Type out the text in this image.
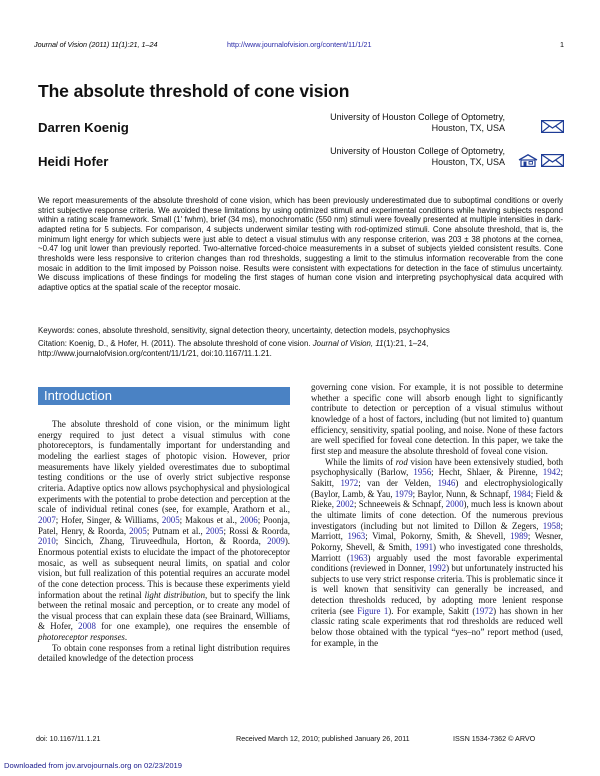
Journal of Vision (2011) 11(1):21, 1–24	http://www.journalofvision.org/content/11/1/21	1
The absolute threshold of cone vision
Darren Koenig
University of Houston College of Optometry,
Houston, TX, USA
Heidi Hofer
University of Houston College of Optometry,
Houston, TX, USA
We report measurements of the absolute threshold of cone vision, which has been previously underestimated due to suboptimal conditions or overly strict subjective response criteria. We avoided these limitations by using optimized stimuli and experimental conditions while having subjects respond within a rating scale framework. Small (1′ fwhm), brief (34 ms), monochromatic (550 nm) stimuli were foveally presented at multiple intensities in dark-adapted retina for 5 subjects. For comparison, 4 subjects underwent similar testing with rod-optimized stimuli. Cone absolute threshold, that is, the minimum light energy for which subjects were just able to detect a visual stimulus with any response criterion, was 203 ± 38 photons at the cornea, ~0.47 log unit lower than previously reported. Two-alternative forced-choice measurements in a subset of subjects yielded consistent results. Cone thresholds were less responsive to criterion changes than rod thresholds, suggesting a limit to the stimulus information recoverable from the cone mosaic in addition to the limit imposed by Poisson noise. Results were consistent with expectations for detection in the face of stimulus uncertainty. We discuss implications of these findings for modeling the first stages of human cone vision and interpreting psychophysical data acquired with adaptive optics at the spatial scale of the receptor mosaic.
Keywords: cones, absolute threshold, sensitivity, signal detection theory, uncertainty, detection models, psychophysics
Citation: Koenig, D., & Hofer, H. (2011). The absolute threshold of cone vision. Journal of Vision, 11(1):21, 1–24,
http://www.journalofvision.org/content/11/1/21, doi:10.1167/11.1.21.
Introduction

The absolute threshold of cone vision, or the minimum light energy required to just detect a visual stimulus with cone photoreceptors, is fundamentally important for understanding and modeling the earliest stages of photopic vision. However, prior measurements have likely yielded overestimates due to suboptimal testing conditions or the use of overly strict subjective response criteria. Adaptive optics now allows psychophysical and physiological experiments with the potential to probe detection and perception at the scale of individual retinal cones (see, for example, Arathorn et al., 2007; Hofer, Singer, & Williams, 2005; Makous et al., 2006; Poonja, Patel, Henry, & Roorda, 2005; Putnam et al., 2005; Rossi & Roorda, 2010; Sincich, Zhang, Tiruveedhula, Horton, & Roorda, 2009). Enormous potential exists to elucidate the impact of the photoreceptor mosaic, as well as subsequent neural limits, on spatial and color vision, but full realization of this potential requires an accurate model of the cone detection process. This is because these experiments yield information about the retinal light distribution, but to specify the link between the retinal mosaic and perception, or to create any model of the visual process that can explain these data (see Brainard, Williams, & Hofer, 2008 for one example), one requires the ensemble of photoreceptor responses.

To obtain cone responses from a retinal light distribution requires detailed knowledge of the detection process

governing cone vision. For example, it is not possible to determine whether a specific cone will absorb enough light to significantly contribute to detection or perception of a visual stimulus without knowledge of a host of factors, including (but not limited to) quantum efficiency, sensitivity, spatial pooling, and noise. None of these factors are well specified for foveal cone detection. In this paper, we take the first step and measure the absolute threshold of foveal cone vision.

While the limits of rod vision have been extensively studied, both psychophysically (Barlow, 1956; Hecht, Shlaer, & Pirenne, 1942; Sakitt, 1972; van der Velden, 1946) and electrophysiologically (Baylor, Lamb, & Yau, 1979; Baylor, Nunn, & Schnapf, 1984; Field & Rieke, 2002; Schneeweis & Schnapf, 2000), much less is known about the ultimate limits of cone detection. Of the numerous previous investigators (including but not limited to Dillon & Zegers, 1958; Marriott, 1963; Vimal, Pokorny, Smith, & Shevell, 1989; Wesner, Pokorny, Shevell, & Smith, 1991) who investigated cone thresholds, Marriott (1963) arguably used the most favorable experimental conditions (reviewed in Donner, 1992) but unfortunately instructed his subjects to use very strict response criteria. This is problematic since it is well known that sensitivity can generally be increased, and detection thresholds reduced, by adopting more lenient response criteria (see Figure 1). For example, Sakitt (1972) has shown in her classic rating scale experiments that rod thresholds are reduced well below those obtained with the typical “yes–no” report method (used, for example, in the

doi: 10.1167/11.1.21	Received March 12, 2010; published January 26, 2011	ISSN 1534-7362 © ARVO
Downloaded from jov.arvojournals.org on 02/23/2019
